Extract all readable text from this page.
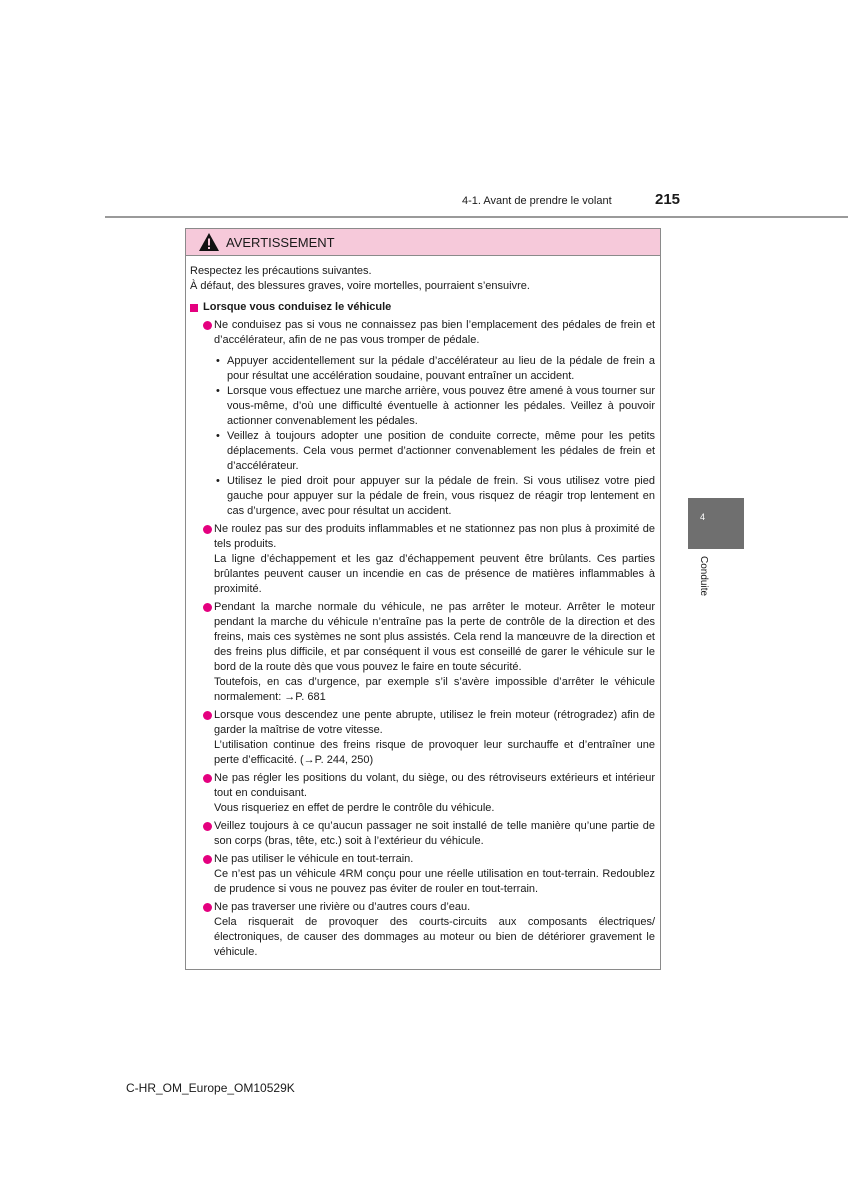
4-1. Avant de prendre le volant	215
4
Conduite
AVERTISSEMENT

Respectez les précautions suivantes.
À défaut, des blessures graves, voire mortelles, pourraient s’ensuivre.

Lorsque vous conduisez le véhicule

Ne conduisez pas si vous ne connaissez pas bien l’emplacement des pédales de frein et d’accélérateur, afin de ne pas vous tromper de pédale.

• Appuyer accidentellement sur la pédale d’accélérateur au lieu de la pédale de frein a pour résultat une accélération soudaine, pouvant entraîner un accident.
• Lorsque vous effectuez une marche arrière, vous pouvez être amené à vous tourner sur vous-même, d’où une difficulté éventuelle à actionner les pédales. Veillez à pouvoir actionner convenablement les pédales.
• Veillez à toujours adopter une position de conduite correcte, même pour les petits déplacements. Cela vous permet d’actionner convenablement les pédales de frein et d’accélérateur.
• Utilisez le pied droit pour appuyer sur la pédale de frein. Si vous utilisez votre pied gauche pour appuyer sur la pédale de frein, vous risquez de réagir trop lentement en cas d’urgence, avec pour résultat un accident.

Ne roulez pas sur des produits inflammables et ne stationnez pas non plus à proximité de tels produits.

La ligne d’échappement et les gaz d’échappement peuvent être brûlants. Ces parties brûlantes peuvent causer un incendie en cas de présence de matières inflammables à proximité.

Pendant la marche normale du véhicule, ne pas arrêter le moteur. Arrêter le moteur pendant la marche du véhicule n’entraîne pas la perte de contrôle de la direction et des freins, mais ces systèmes ne sont plus assistés. Cela rend la manœuvre de la direction et des freins plus difficile, et par conséquent il vous est conseillé de garer le véhicule sur le bord de la route dès que vous pouvez le faire en toute sécurité.

Toutefois, en cas d’urgence, par exemple s’il s’avère impossible d’arrêter le véhicule normalement: →P. 681

Lorsque vous descendez une pente abrupte, utilisez le frein moteur (rétrogradez) afin de garder la maîtrise de votre vitesse.

L’utilisation continue des freins risque de provoquer leur surchauffe et d’entraîner une perte d’efficacité. (→P. 244, 250)

Ne pas régler les positions du volant, du siège, ou des rétroviseurs extérieurs et intérieur tout en conduisant.

Vous risqueriez en effet de perdre le contrôle du véhicule.

Veillez toujours à ce qu’aucun passager ne soit installé de telle manière qu’une partie de son corps (bras, tête, etc.) soit à l’extérieur du véhicule.

Ne pas utiliser le véhicule en tout-terrain.

Ce n’est pas un véhicule 4RM conçu pour une réelle utilisation en tout-terrain. Redoublez de prudence si vous ne pouvez pas éviter de rouler en tout-terrain.

Ne pas traverser une rivière ou d’autres cours d’eau.

Cela risquerait de provoquer des courts-circuits aux composants électriques/électroniques, de causer des dommages au moteur ou bien de détériorer gravement le véhicule.

C-HR_OM_Europe_OM10529K
